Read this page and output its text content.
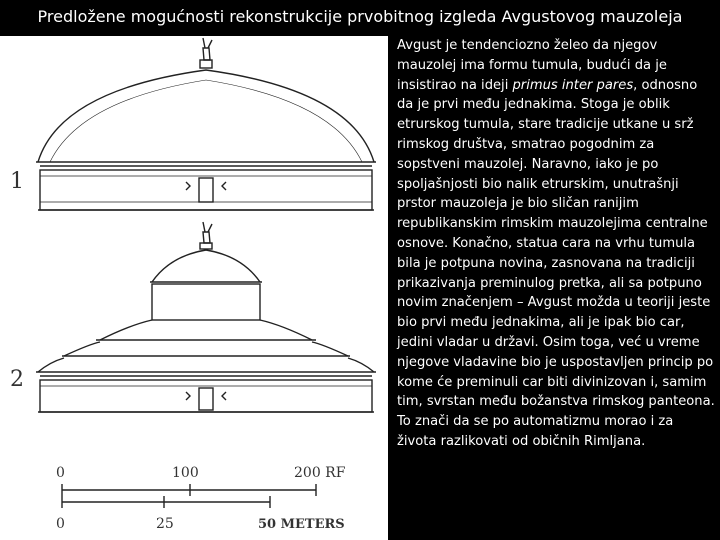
Predložene mogućnosti rekonstrukcije prvobitnog izgleda Avgustovog mauzoleja
1
2
0	100	200 RF
0	25	50 METERS

Avgust je tendenciozno želeo da njegov mauzolej ima formu tumula, budući da je insistirao na ideji primus inter pares, odnosno da je prvi među jednakima. Stoga je oblik etrurskog tumula, stare tradicije utkane u srž rimskog društva, smatrao pogodnim za sopstveni mauzolej. Naravno, iako je po spoljašnjosti bio nalik etrurskim, unutrašnji prstor mauzoleja je bio sličan ranijim republikanskim rimskim mauzolejima centralne osnove. Konačno, statua cara na vrhu tumula bila je potpuna novina, zasnovana na tradiciji prikazivanja preminulog pretka, ali sa potpuno novim značenjem – Avgust možda u teoriji jeste bio prvi među jednakima, ali je ipak bio car, jedini vladar u državi. Osim toga, već u vreme njegove vladavine bio je uspostavljen princip po kome će preminuli car biti divinizovan i, samim tim, svrstan među božanstva rimskog panteona. To znači da se po automatizmu morao i za života razlikovati od običnih Rimljana.
